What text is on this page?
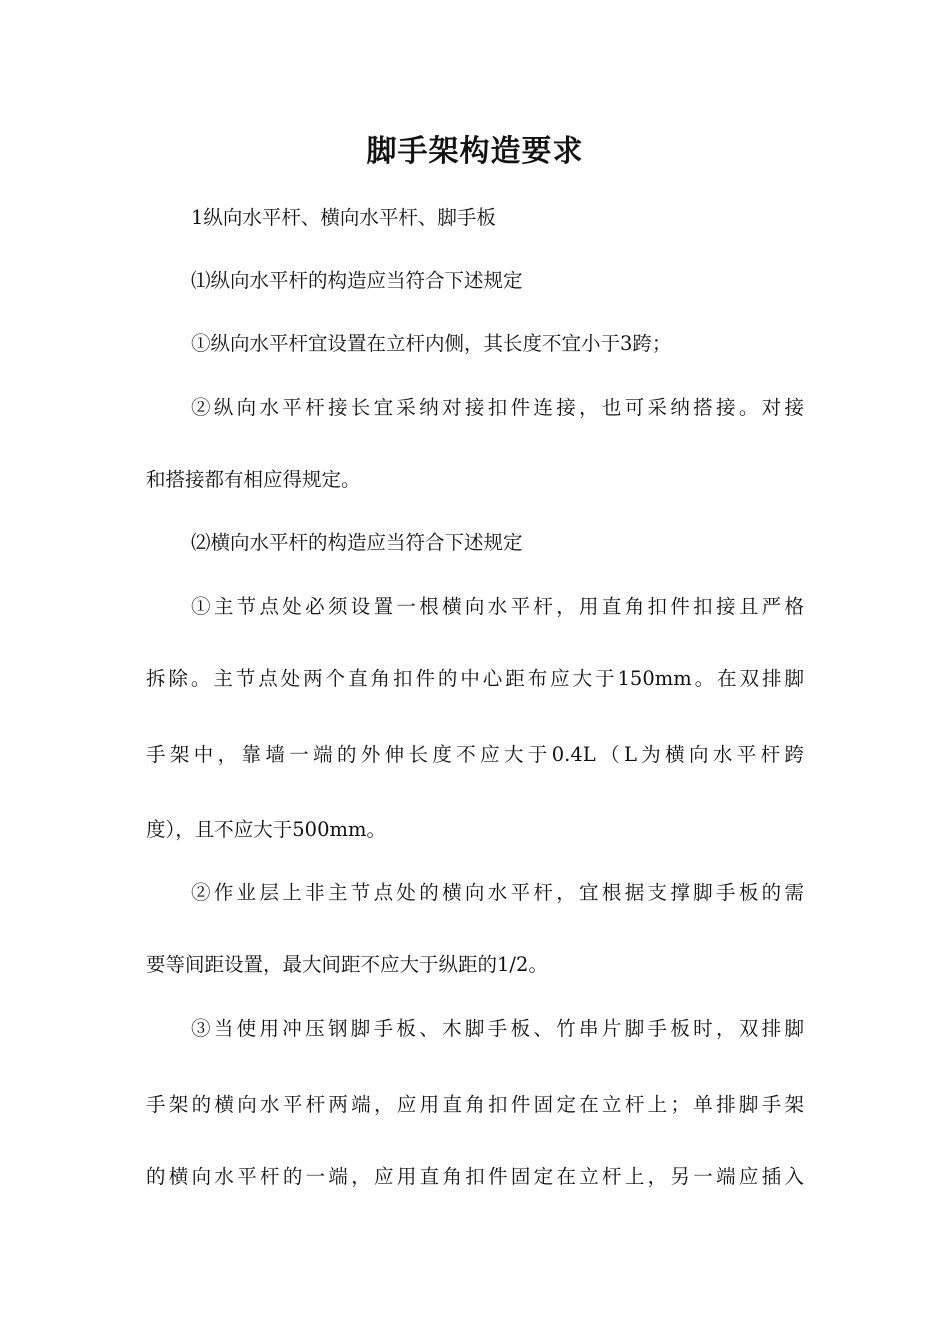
脚手架构造要求
1纵向水平杆、横向水平杆、脚手板
⑴纵向水平杆的构造应当符合下述规定
①纵向水平杆宜设置在立杆内侧，其长度不宜小于3跨；
②纵向水平杆接长宜采纳对接扣件连接，也可采纳搭接。对接
和搭接都有相应得规定。
⑵横向水平杆的构造应当符合下述规定
①主节点处必须设置一根横向水平杆，用直角扣件扣接且严格
拆除。主节点处两个直角扣件的中心距布应大于150mm。在双排脚
手架中，靠墙一端的外伸长度不应大于0.4L（L为横向水平杆跨
度），且不应大于500mm。
②作业层上非主节点处的横向水平杆，宜根据支撑脚手板的需
要等间距设置，最大间距不应大于纵距的1/2。
③当使用冲压钢脚手板、木脚手板、竹串片脚手板时，双排脚
手架的横向水平杆两端，应用直角扣件固定在立杆上；单排脚手架
的横向水平杆的一端，应用直角扣件固定在立杆上，另一端应插入
